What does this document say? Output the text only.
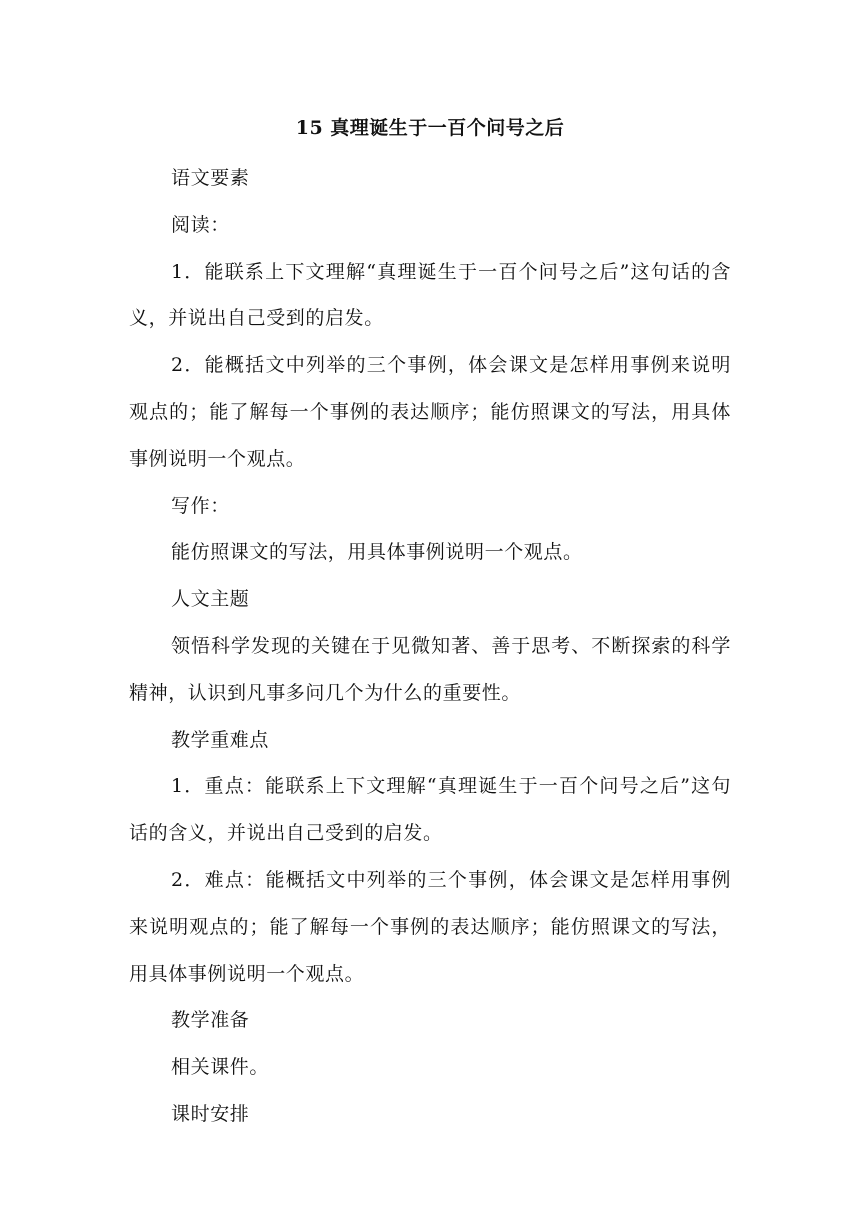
15 真理诞生于一百个问号之后

语文要素

阅读：

1．能联系上下文理解“真理诞生于一百个问号之后”这句话的含义，并说出自己受到的启发。

2．能概括文中列举的三个事例，体会课文是怎样用事例来说明观点的；能了解每一个事例的表达顺序；能仿照课文的写法，用具体事例说明一个观点。

写作：

能仿照课文的写法，用具体事例说明一个观点。

人文主题

领悟科学发现的关键在于见微知著、善于思考、不断探索的科学精神，认识到凡事多问几个为什么的重要性。

教学重难点

1．重点：能联系上下文理解“真理诞生于一百个问号之后”这句话的含义，并说出自己受到的启发。

2．难点：能概括文中列举的三个事例，体会课文是怎样用事例来说明观点的；能了解每一个事例的表达顺序；能仿照课文的写法，用具体事例说明一个观点。

教学准备

相关课件。

课时安排
